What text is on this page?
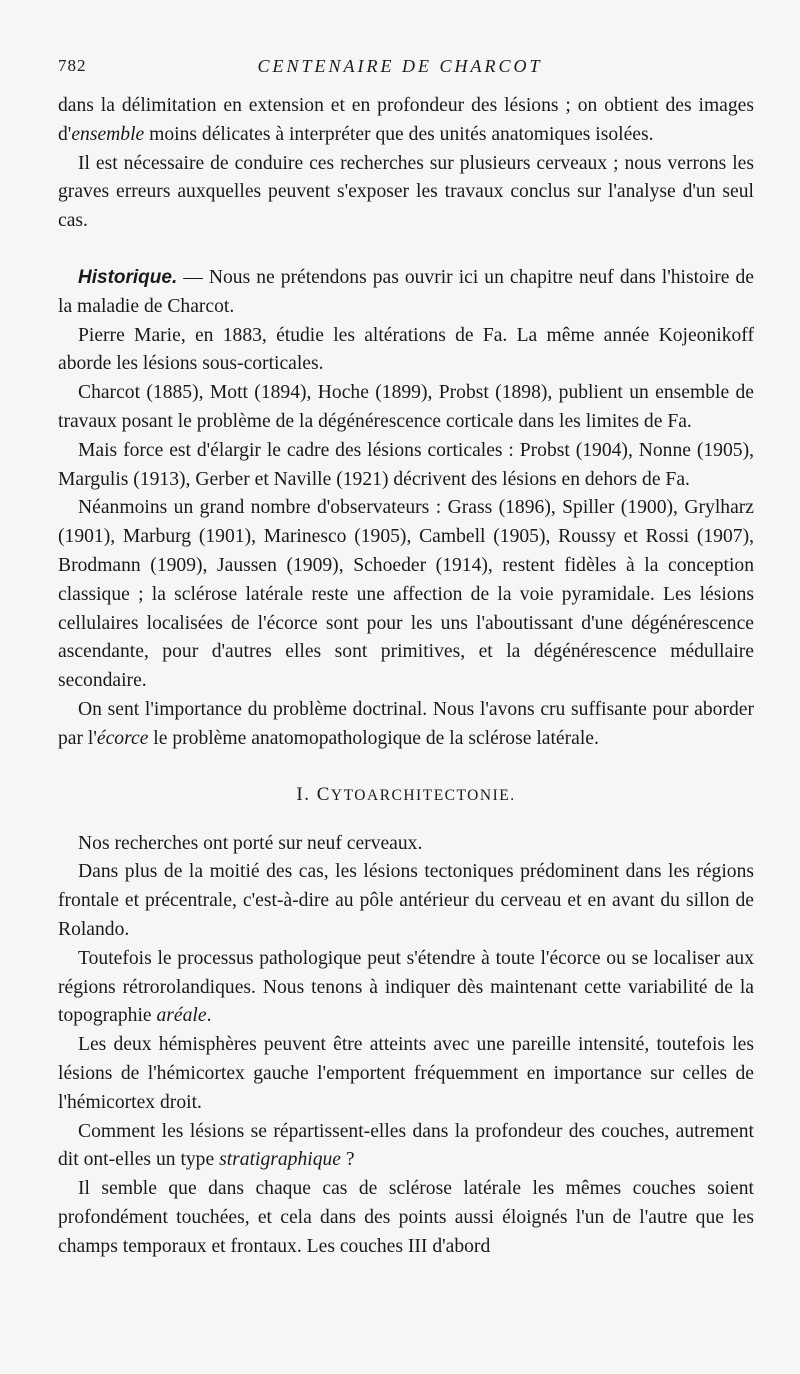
782	CENTENAIRE DE CHARCOT

dans la délimitation en extension et en profondeur des lésions ; on obtient des images d'ensemble moins délicates à interpréter que des unités anatomiques isolées.

Il est nécessaire de conduire ces recherches sur plusieurs cerveaux ; nous verrons les graves erreurs auxquelles peuvent s'exposer les travaux conclus sur l'analyse d'un seul cas.

Historique. — Nous ne prétendons pas ouvrir ici un chapitre neuf dans l'histoire de la maladie de Charcot.

Pierre Marie, en 1883, étudie les altérations de Fa. La même année Kojeonikoff aborde les lésions sous-corticales.

Charcot (1885), Mott (1894), Hoche (1899), Probst (1898), publient un ensemble de travaux posant le problème de la dégénérescence corticale dans les limites de Fa.

Mais force est d'élargir le cadre des lésions corticales : Probst (1904), Nonne (1905), Margulis (1913), Gerber et Naville (1921) décrivent des lésions en dehors de Fa.

Néanmoins un grand nombre d'observateurs : Grass (1896), Spiller (1900), Grylharz (1901), Marburg (1901), Marinesco (1905), Cambell (1905), Roussy et Rossi (1907), Brodmann (1909), Jaussen (1909), Schoeder (1914), restent fidèles à la conception classique ; la sclérose latérale reste une affection de la voie pyramidale. Les lésions cellulaires localisées de l'écorce sont pour les uns l'aboutissant d'une dégénérescence ascendante, pour d'autres elles sont primitives, et la dégénérescence médullaire secondaire.

On sent l'importance du problème doctrinal. Nous l'avons cru suffisante pour aborder par l'écorce le problème anatomopathologique de la sclérose latérale.

I. CYTOARCHITECTONIE.

Nos recherches ont porté sur neuf cerveaux.

Dans plus de la moitié des cas, les lésions tectoniques prédominent dans les régions frontale et précentrale, c'est-à-dire au pôle antérieur du cerveau et en avant du sillon de Rolando.

Toutefois le processus pathologique peut s'étendre à toute l'écorce ou se localiser aux régions rétrorolandiques. Nous tenons à indiquer dès maintenant cette variabilité de la topographie aréale.

Les deux hémisphères peuvent être atteints avec une pareille intensité, toutefois les lésions de l'hémicortex gauche l'emportent fréquemment en importance sur celles de l'hémicortex droit.

Comment les lésions se répartissent-elles dans la profondeur des couches, autrement dit ont-elles un type stratigraphique ?

Il semble que dans chaque cas de sclérose latérale les mêmes couches soient profondément touchées, et cela dans des points aussi éloignés l'un de l'autre que les champs temporaux et frontaux. Les couches III d'abord
